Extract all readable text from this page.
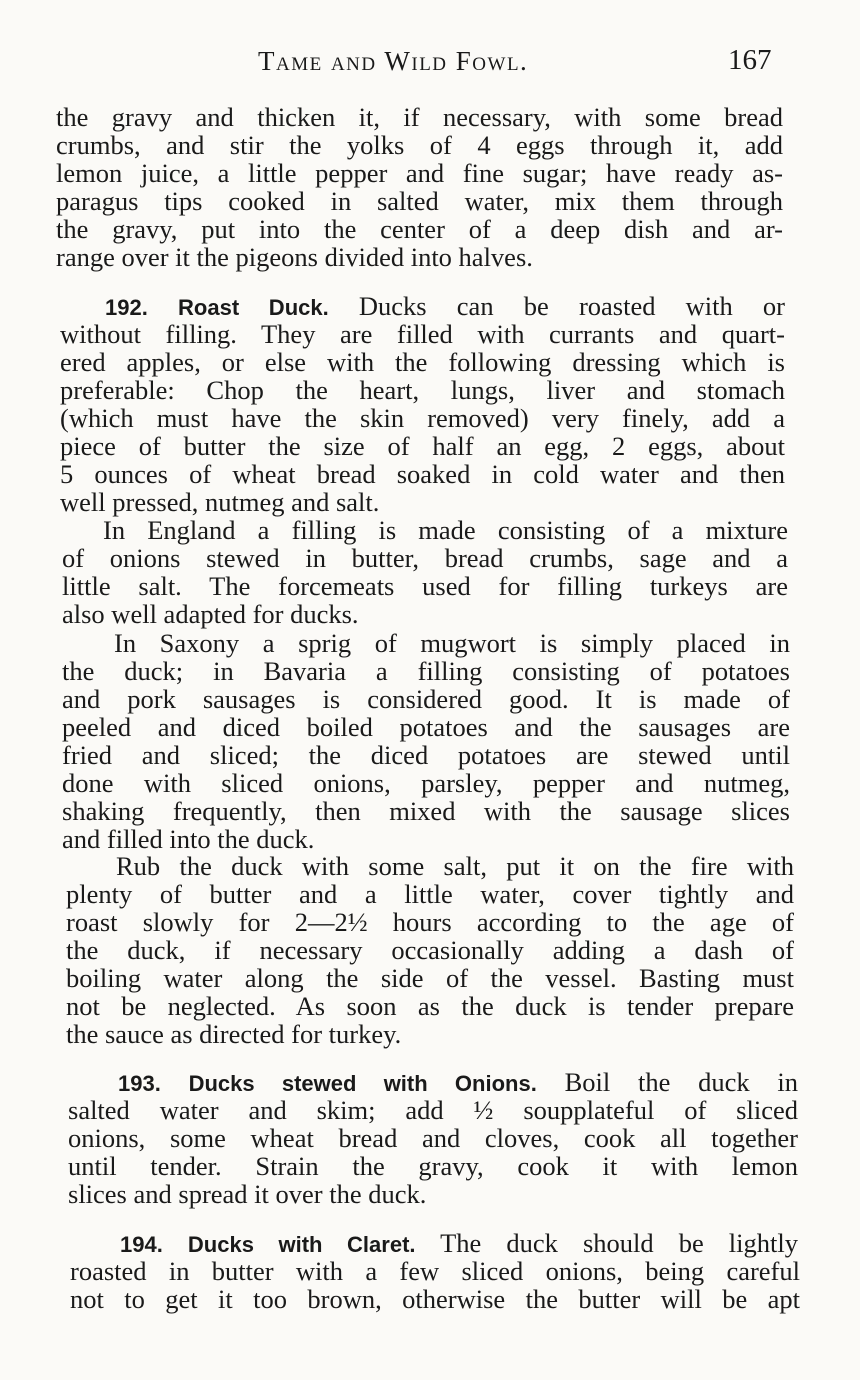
Tame and Wild Fowl.	167
the gravy and thicken it, if necessary, with some bread
crumbs, and stir the yolks of 4 eggs through it, add
lemon juice, a little pepper and fine sugar; have ready as-
paragus tips cooked in salted water, mix them through
the gravy, put into the center of a deep dish and ar-
range over it the pigeons divided into halves.
192. Roast Duck. Ducks can be roasted with or
without filling. They are filled with currants and quart-
ered apples, or else with the following dressing which is
preferable: Chop the heart, lungs, liver and stomach
(which must have the skin removed) very finely, add a
piece of butter the size of half an egg, 2 eggs, about
5 ounces of wheat bread soaked in cold water and then
well pressed, nutmeg and salt.
In England a filling is made consisting of a mixture
of onions stewed in butter, bread crumbs, sage and a
little salt. The forcemeats used for filling turkeys are
also well adapted for ducks.
In Saxony a sprig of mugwort is simply placed in
the duck; in Bavaria a filling consisting of potatoes
and pork sausages is considered good. It is made of
peeled and diced boiled potatoes and the sausages are
fried and sliced; the diced potatoes are stewed until
done with sliced onions, parsley, pepper and nutmeg,
shaking frequently, then mixed with the sausage slices
and filled into the duck.
Rub the duck with some salt, put it on the fire with
plenty of butter and a little water, cover tightly and
roast slowly for 2—2½ hours according to the age of
the duck, if necessary occasionally adding a dash of
boiling water along the side of the vessel. Basting must
not be neglected. As soon as the duck is tender prepare
the sauce as directed for turkey.
193. Ducks stewed with Onions. Boil the duck in
salted water and skim; add ½ soupplateful of sliced
onions, some wheat bread and cloves, cook all together
until tender. Strain the gravy, cook it with lemon
slices and spread it over the duck.
194. Ducks with Claret. The duck should be lightly
roasted in butter with a few sliced onions, being careful
not to get it too brown, otherwise the butter will be apt
